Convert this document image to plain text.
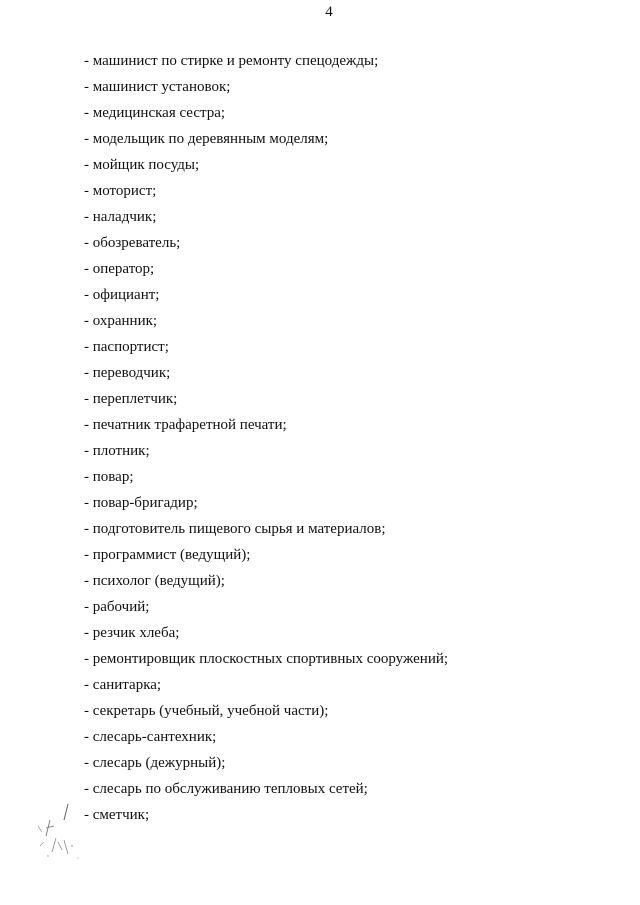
4
- машинист по стирке и ремонту спецодежды;
- машинист установок;
- медицинская сестра;
- модельщик по деревянным моделям;
- мойщик посуды;
- моторист;
- наладчик;
- обозреватель;
- оператор;
- официант;
- охранник;
- паспортист;
- переводчик;
- переплетчик;
- печатник трафаретной печати;
- плотник;
- повар;
- повар-бригадир;
- подготовитель пищевого сырья и материалов;
- программист (ведущий);
- психолог (ведущий);
- рабочий;
- резчик хлеба;
- ремонтировщик плоскостных спортивных сооружений;
- санитарка;
- секретарь (учебный, учебной части);
- слесарь-сантехник;
- слесарь (дежурный);
- слесарь по обслуживанию тепловых сетей;
- сметчик;
